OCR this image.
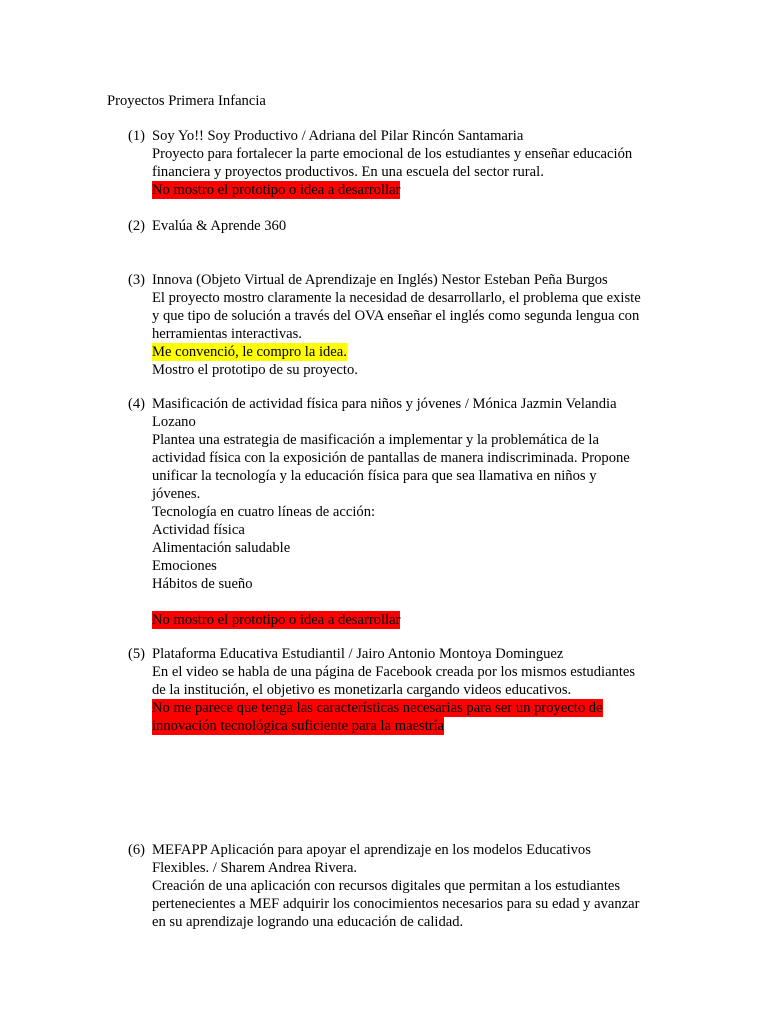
Proyectos Primera Infancia
(1) Soy Yo!! Soy Productivo / Adriana del Pilar Rincón Santamaria
Proyecto para fortalecer la parte emocional de los estudiantes y enseñar educación
financiera y proyectos productivos. En una escuela del sector rural.
No mostro el prototipo o idea a desarrollar
(2) Evalúa & Aprende 360
(3) Innova (Objeto Virtual de Aprendizaje en Inglés) Nestor Esteban Peña Burgos
El proyecto mostro claramente la necesidad de desarrollarlo, el problema que existe
y que tipo de solución a través del OVA enseñar el inglés como segunda lengua con
herramientas interactivas.
Me convenció, le compro la idea.
Mostro el prototipo de su proyecto.
(4) Masificación de actividad física para niños y jóvenes / Mónica Jazmin Velandia
Lozano
Plantea una estrategia de masificación a implementar y la problemática de la
actividad física con la exposición de pantallas de manera indiscriminada. Propone
unificar la tecnología y la educación física para que sea llamativa en niños y
jóvenes.
Tecnología en cuatro líneas de acción:
Actividad física
Alimentación saludable
Emociones
Hábitos de sueño
No mostro el prototipo o idea a desarrollar
(5) Plataforma Educativa Estudiantil / Jairo Antonio Montoya Dominguez
En el video se habla de una página de Facebook creada por los mismos estudiantes
de la institución, el objetivo es monetizarla cargando videos educativos.
No me parece que tenga las características necesarias para ser un proyecto de
innovación tecnológica suficiente para la maestría
(6) MEFAPP Aplicación para apoyar el aprendizaje en los modelos Educativos
Flexibles. / Sharem Andrea Rivera.
Creación de una aplicación con recursos digitales que permitan a los estudiantes
pertenecientes a MEF adquirir los conocimientos necesarios para su edad y avanzar
en su aprendizaje logrando una educación de calidad.
